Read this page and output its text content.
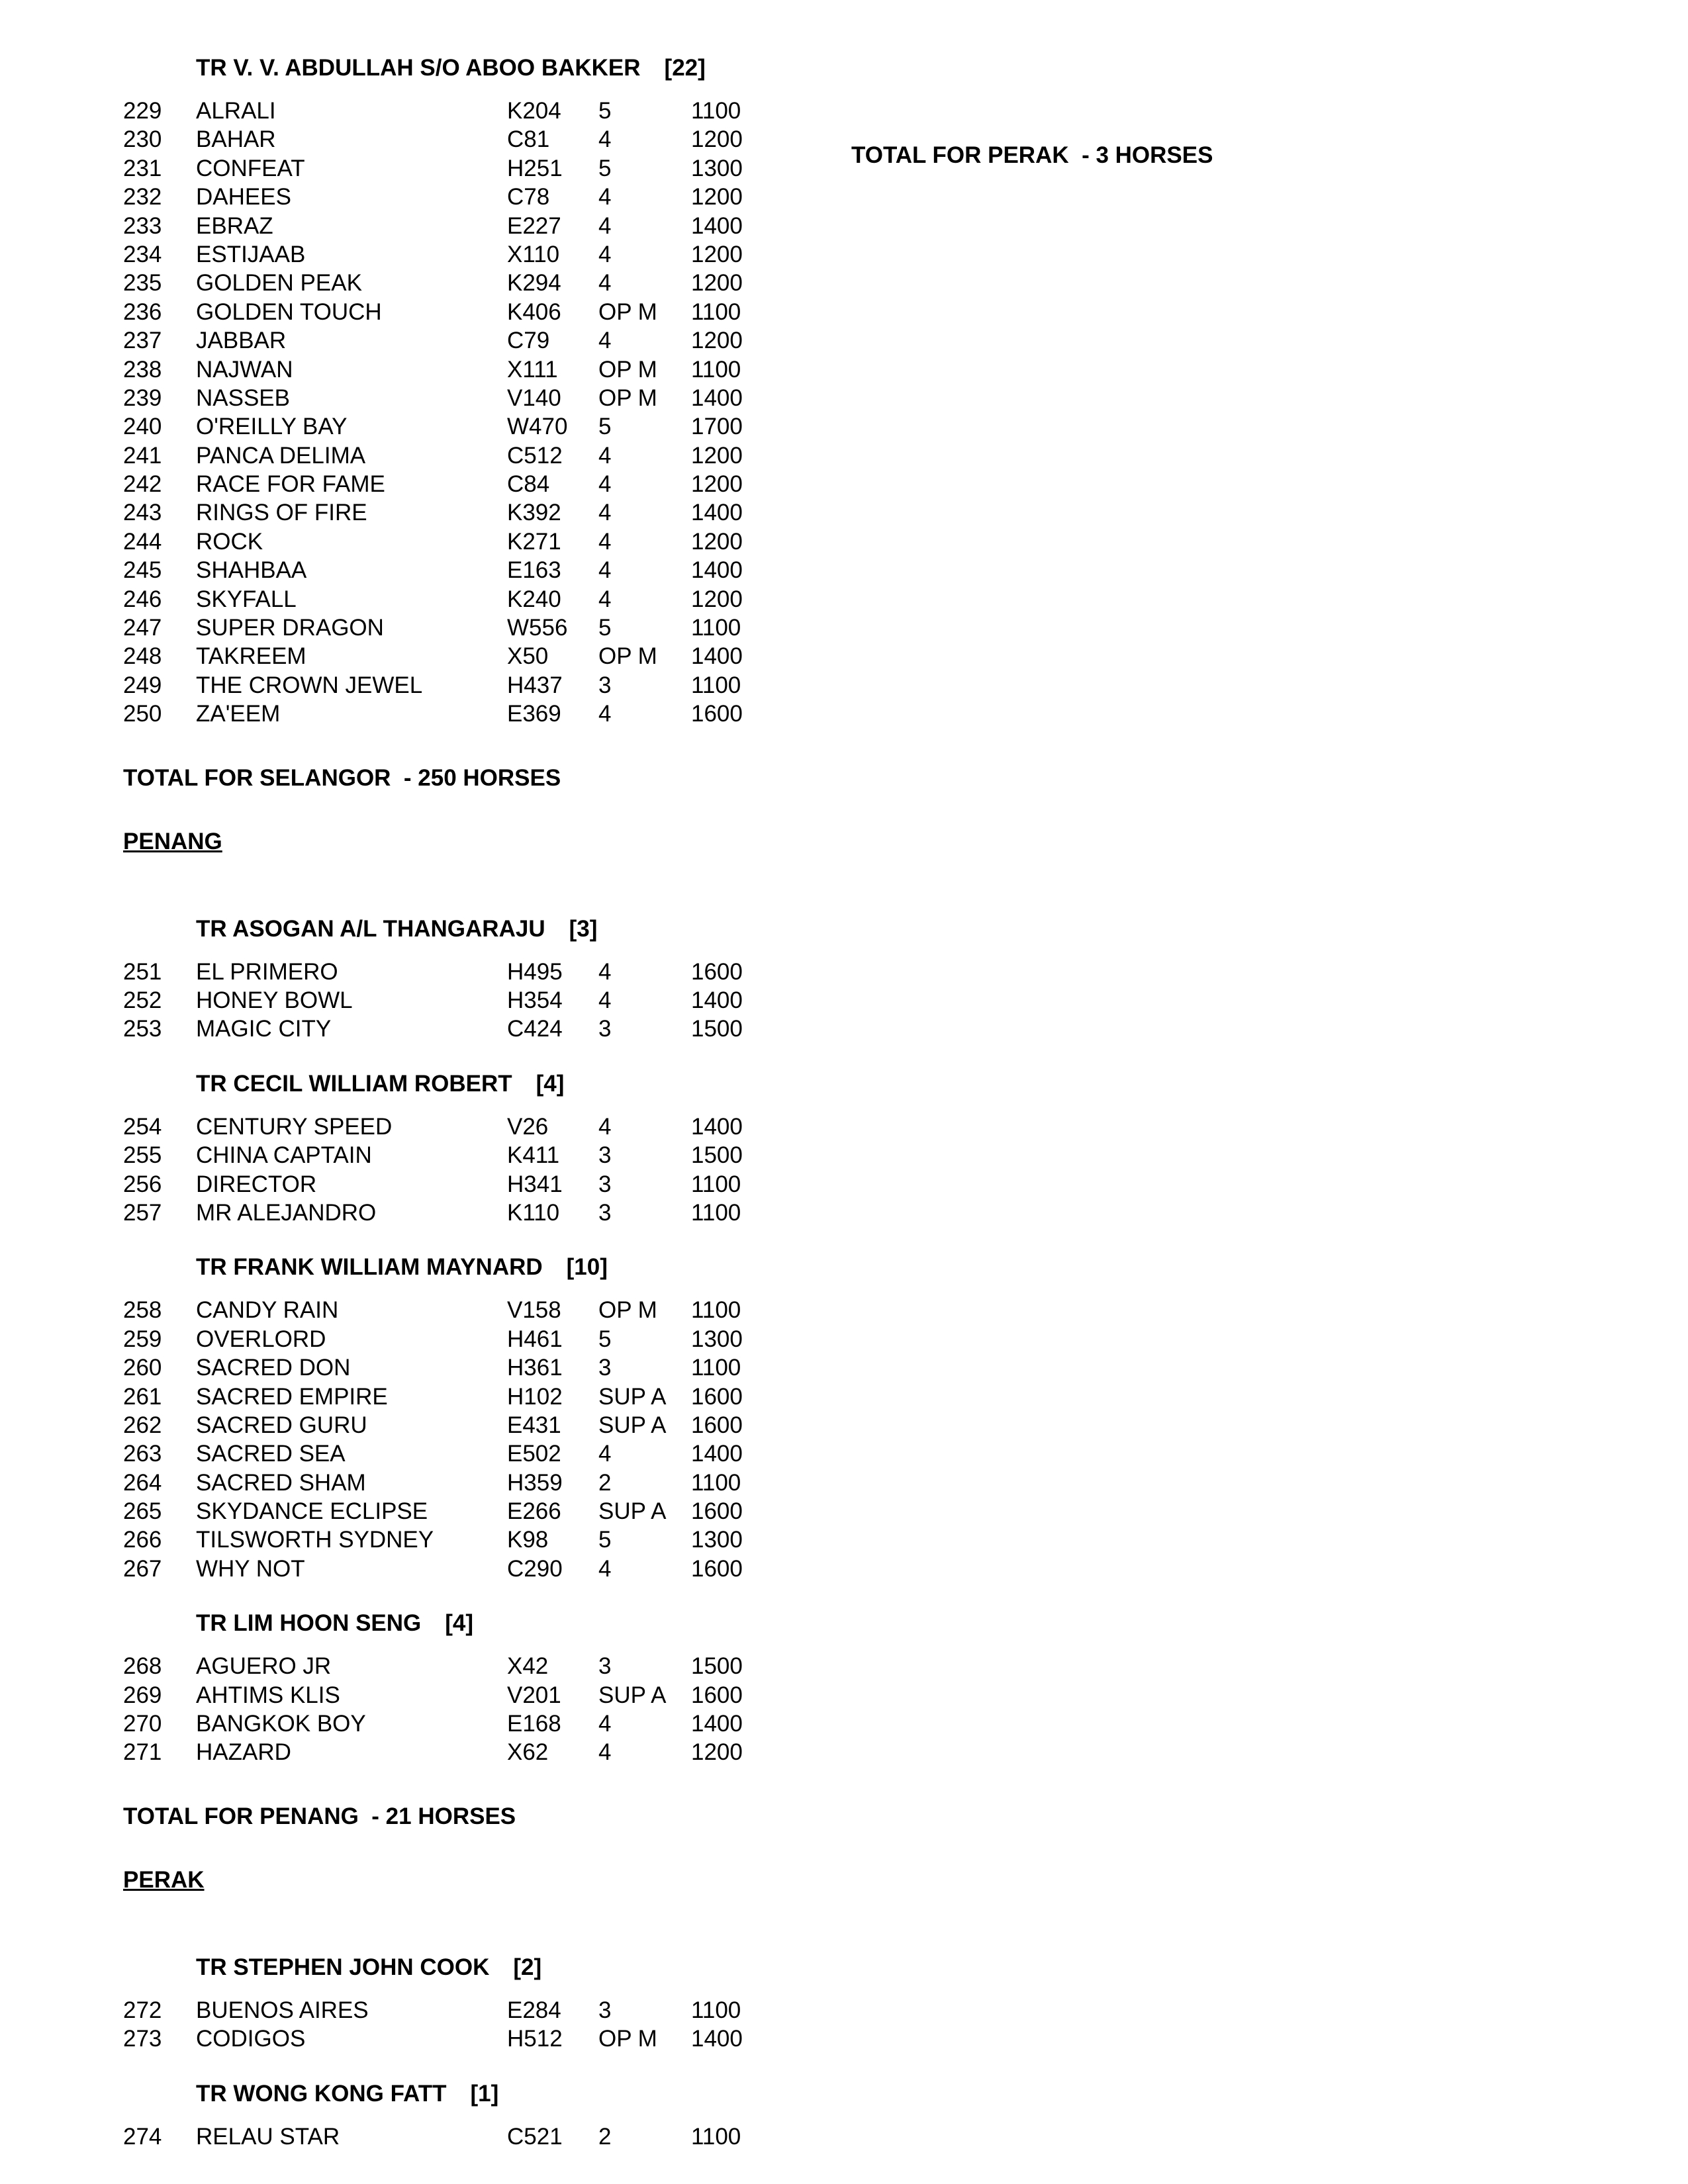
TR V. V. ABDULLAH S/O ABOO BAKKER [22]
229	ALRALI	K204	5	1100
230	BAHAR	C81	4	1200
231	CONFEAT	H251	5	1300
232	DAHEES	C78	4	1200
233	EBRAZ	E227	4	1400
234	ESTIJAAB	X110	4	1200
235	GOLDEN PEAK	K294	4	1200
236	GOLDEN TOUCH	K406	OP M	1100
237	JABBAR	C79	4	1200
238	NAJWAN	X111	OP M	1100
239	NASSEB	V140	OP M	1400
240	O'REILLY BAY	W470	5	1700
241	PANCA DELIMA	C512	4	1200
242	RACE FOR FAME	C84	4	1200
243	RINGS OF FIRE	K392	4	1400
244	ROCK	K271	4	1200
245	SHAHBAA	E163	4	1400
246	SKYFALL	K240	4	1200
247	SUPER DRAGON	W556	5	1100
248	TAKREEM	X50	OP M	1400
249	THE CROWN JEWEL	H437	3	1100
250	ZA'EEM	E369	4	1600
TOTAL FOR SELANGOR  - 250 HORSES
PENANG
TR ASOGAN A/L THANGARAJU [3]
251	EL PRIMERO	H495	4	1600
252	HONEY BOWL	H354	4	1400
253	MAGIC CITY	C424	3	1500
TR CECIL WILLIAM ROBERT [4]
254	CENTURY SPEED	V26	4	1400
255	CHINA CAPTAIN	K411	3	1500
256	DIRECTOR	H341	3	1100
257	MR ALEJANDRO	K110	3	1100
TR FRANK WILLIAM MAYNARD [10]
258	CANDY RAIN	V158	OP M	1100
259	OVERLORD	H461	5	1300
260	SACRED DON	H361	3	1100
261	SACRED EMPIRE	H102	SUP A	1600
262	SACRED GURU	E431	SUP A	1600
263	SACRED SEA	E502	4	1400
264	SACRED SHAM	H359	2	1100
265	SKYDANCE ECLIPSE	E266	SUP A	1600
266	TILSWORTH SYDNEY	K98	5	1300
267	WHY NOT	C290	4	1600
TR LIM HOON SENG [4]
268	AGUERO JR	X42	3	1500
269	AHTIMS KLIS	V201	SUP A	1600
270	BANGKOK BOY	E168	4	1400
271	HAZARD	X62	4	1200
TOTAL FOR PENANG  - 21 HORSES
PERAK
TR STEPHEN JOHN COOK [2]
272	BUENOS AIRES	E284	3	1100
273	CODIGOS	H512	OP M	1400
TR WONG KONG FATT [1]
274	RELAU STAR	C521	2	1100
TOTAL FOR PERAK  - 3 HORSES
